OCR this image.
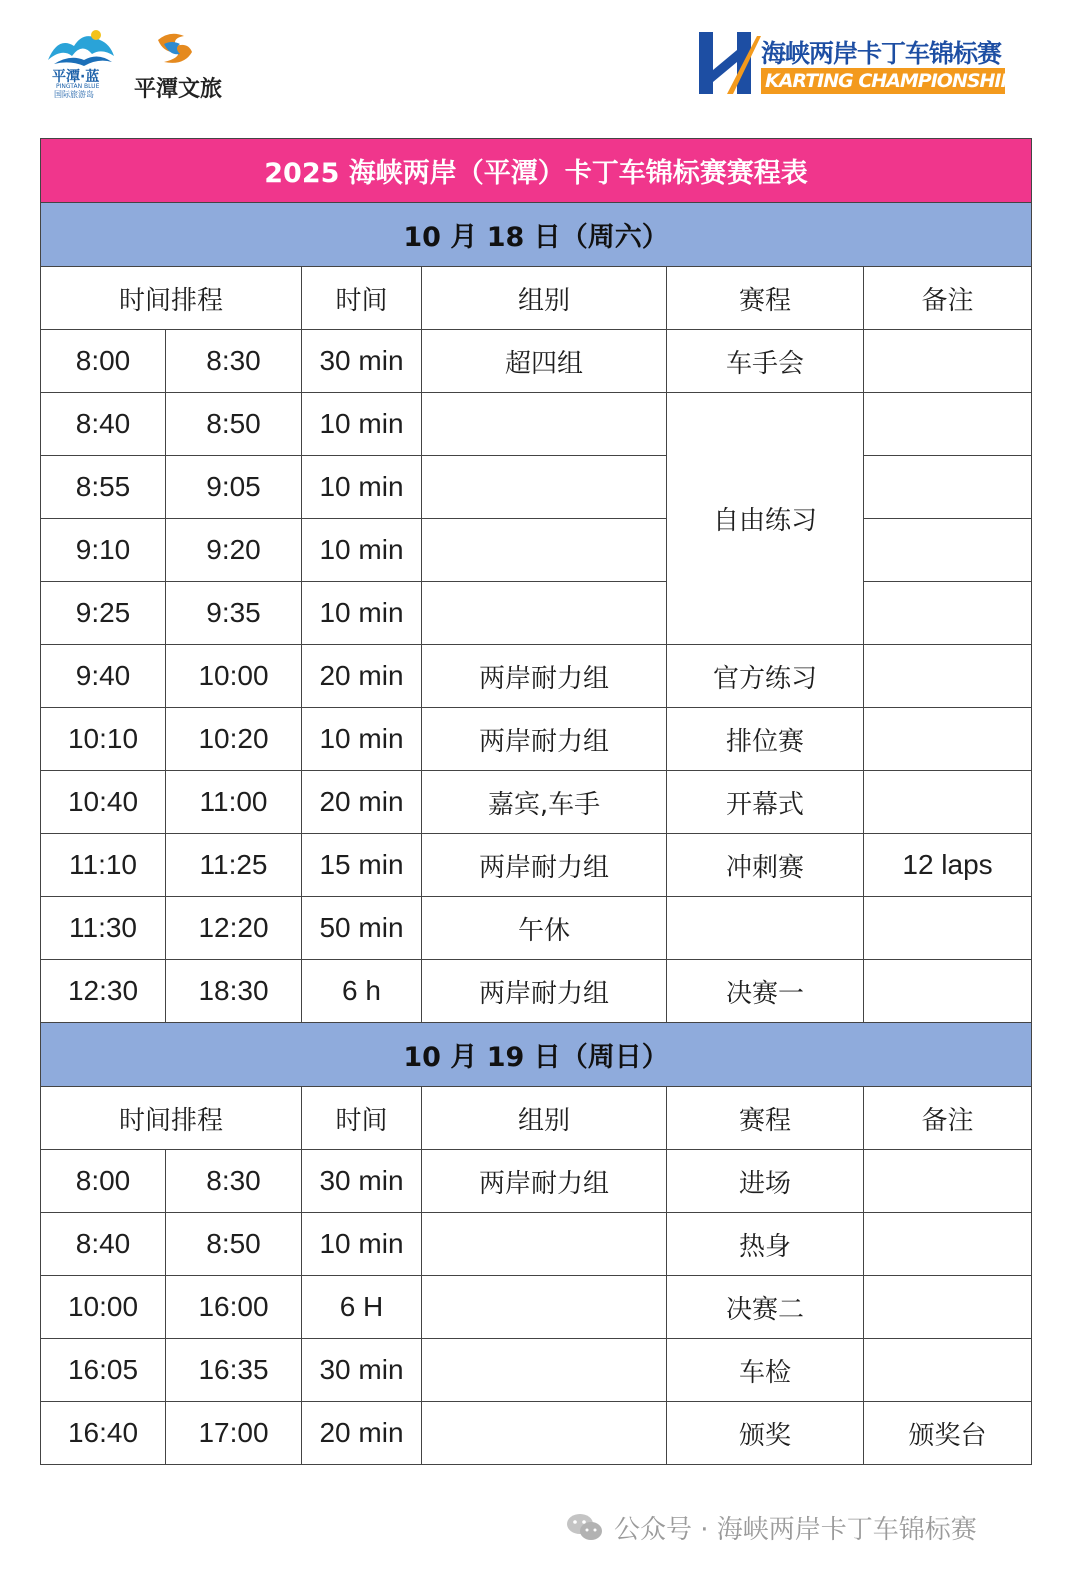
平潭·蓝
PINGTAN BLUE
国际旅游岛 平潭文旅
海峡两岸卡丁车锦标赛
KARTING CHAMPIONSHIP
2025 海峡两岸（平潭）卡丁车锦标赛赛程表					
10 月 18 日（周六）					
时间排程		时间	组别	赛程	备注
8:00	8:30	30 min	超四组	车手会	
8:40	8:50	10 min		自由练习	
8:55	9:05	10 min			
9:10	9:20	10 min			
9:25	9:35	10 min			
9:40	10:00	20 min	两岸耐力组	官方练习	
10:10	10:20	10 min	两岸耐力组	排位赛	
10:40	11:00	20 min	嘉宾,车手	开幕式	
11:10	11:25	15 min	两岸耐力组	冲刺赛	12 laps
11:30	12:20	50 min	午休		
12:30	18:30	6 h	两岸耐力组	决赛一	
10 月 19 日（周日）					
时间排程		时间	组别	赛程	备注
8:00	8:30	30 min	两岸耐力组	进场	
8:40	8:50	10 min		热身	
10:00	16:00	6 H		决赛二	
16:05	16:35	30 min		车检	
16:40	17:00	20 min		颁奖	颁奖台
公众号 · 海峡两岸卡丁车锦标赛
